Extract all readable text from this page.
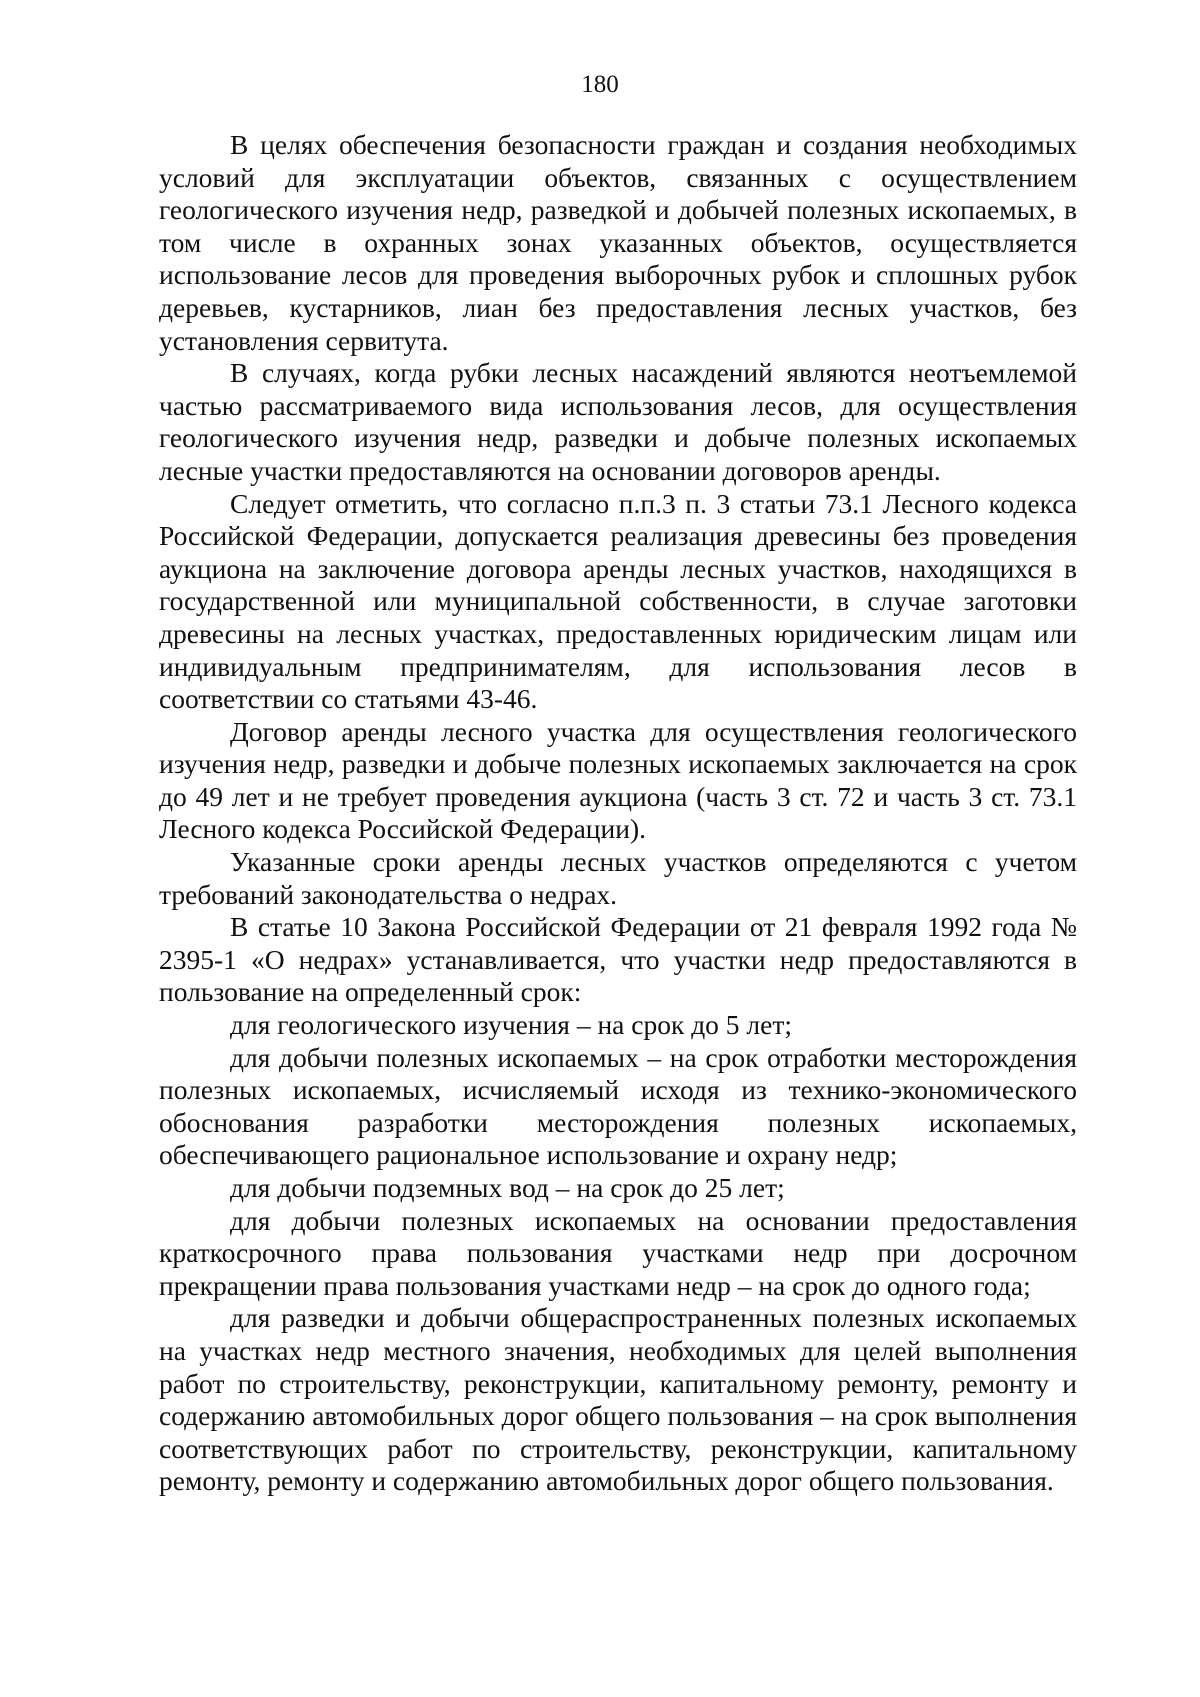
180

В целях обеспечения безопасности граждан и создания необходимых условий для эксплуатации объектов, связанных с осуществлением геологического изучения недр, разведкой и добычей полезных ископаемых, в том числе в охранных зонах указанных объектов, осуществляется использование лесов для проведения выборочных рубок и сплошных рубок деревьев, кустарников, лиан без предоставления лесных участков, без установления сервитута.

В случаях, когда рубки лесных насаждений являются неотъемлемой частью рассматриваемого вида использования лесов, для осуществления геологического изучения недр, разведки и добыче полезных ископаемых лесные участки предоставляются на основании договоров аренды.

Следует отметить, что согласно п.п.3 п. 3 статьи 73.1 Лесного кодекса Российской Федерации, допускается реализация древесины без проведения аукциона на заключение договора аренды лесных участков, находящихся в государственной или муниципальной собственности, в случае заготовки древесины на лесных участках, предоставленных юридическим лицам или индивидуальным предпринимателям, для использования лесов в соответствии со статьями 43-46.

Договор аренды лесного участка для осуществления геологического изучения недр, разведки и добыче полезных ископаемых заключается на срок до 49 лет и не требует проведения аукциона (часть 3 ст. 72 и часть 3 ст. 73.1 Лесного кодекса Российской Федерации).

Указанные сроки аренды лесных участков определяются с учетом требований законодательства о недрах.

В статье 10 Закона Российской Федерации от 21 февраля 1992 года № 2395-1 «О недрах» устанавливается, что участки недр предоставляются в пользование на определенный срок:

для геологического изучения – на срок до 5 лет;

для добычи полезных ископаемых – на срок отработки месторождения полезных ископаемых, исчисляемый исходя из технико-экономического обоснования разработки месторождения полезных ископаемых, обеспечивающего рациональное использование и охрану недр;

для добычи подземных вод – на срок до 25 лет;

для добычи полезных ископаемых на основании предоставления краткосрочного права пользования участками недр при досрочном прекращении права пользования участками недр – на срок до одного года;

для разведки и добычи общераспространенных полезных ископаемых на участках недр местного значения, необходимых для целей выполнения работ по строительству, реконструкции, капитальному ремонту, ремонту и содержанию автомобильных дорог общего пользования – на срок выполнения соответствующих работ по строительству, реконструкции, капитальному ремонту, ремонту и содержанию автомобильных дорог общего пользования.
